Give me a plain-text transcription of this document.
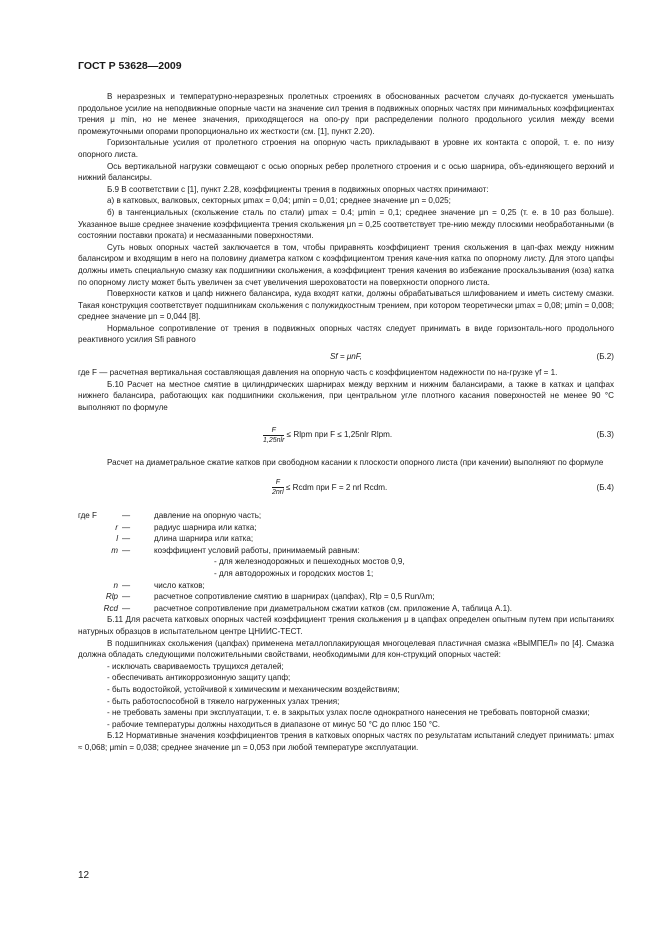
ГОСТ Р 53628—2009

В неразрезных и температурно-неразрезных пролетных строениях в обоснованных расчетом случаях до-пускается уменьшать продольное усилие на неподвижные опорные части на значение сил трения в подвижных опорных частях при минимальных коэффициентах трения μ min, но не менее значения, приходящегося на опо-ру при распределении полного продольного усилия между всеми промежуточными опорами пропорционально их жесткости (см. [1], пункт 2.20).

Горизонтальные усилия от пролетного строения на опорную часть прикладывают в уровне их контакта с опорой, т. е. по низу опорного листа.

Ось вертикальной нагрузки совмещают с осью опорных ребер пролетного строения и с осью шарнира, объ-единяющего верхний и нижний балансиры.

Б.9 В соответствии с [1], пункт 2.28, коэффициенты трения в подвижных опорных частях принимают:

а) в катковых, валковых, секторных μmax = 0,04; μmin = 0,01; среднее значение μn = 0,025;

б) в тангенциальных (скольжение сталь по стали) μmax = 0.4; μmin = 0,1; среднее значение μn = 0,25 (т. е. в 10 раз больше). Указанное выше среднее значение коэффициента трения скольжения μn = 0,25 соответствует тре-нию между плоскими необработанными (в состоянии поставки проката) и несмазанными поверхностями.

Суть новых опорных частей заключается в том, чтобы приравнять коэффициент трения скольжения в цап-фах между нижним балансиром и входящим в него на половину диаметра катком с коэффициентом трения каче-ния катка по опорному листу. Для этого цапфы должны иметь специальную смазку как подшипники скольжения, а коэффициент трения качения во избежание проскальзывания (юза) катка по опорному листу может быть увеличен за счет увеличения шероховатости на поверхности опорного листа.

Поверхности катков и цапф нижнего балансира, куда входят катки, должны обрабатываться шлифованием и иметь систему смазки. Такая конструкция соответствует подшипникам скольжения с полужидкостным трением, при котором теоретически μmax = 0,08; μmin = 0,008; среднее значение μn = 0,044 [8].

Нормальное сопротивление от трения в подвижных опорных частях следует принимать в виде горизонталь-ного продольного реактивного усилия Sfi равного

Sf = μnF,	(Б.2)

где F — расчетная вертикальная составляющая давления на опорную часть с коэффициентом надежности по на-грузке γf = 1.

Б.10 Расчет на местное смятие в цилиндрических шарнирах между верхним и нижним балансирами, а также в катках и цапфах нижнего балансира, работающих как подшипники скольжения, при центральном угле плотного касания поверхностей не менее 90 °С выполняют по формуле

$\frac{F}{\text{1,25nlr}}$ ≤ Rlpm при F ≤ 1,25nlr Rlpm.	(Б.3)

Расчет на диаметральное сжатие катков при свободном касании к плоскости опорного листа (при качении) выполняют по формуле

$\frac{F}{\text{2nrl}}$ ≤ Rcdm при F = 2 nrl Rcdm.	(Б.4)
где F	—	давление на опорную часть;
r —	радиус шарнира или катка;
l —	длина шарнира или катка;
m —	коэффициент условий работы, принимаемый равным:
- для железнодорожных и пешеходных мостов 0,9,
- для автодорожных и городских мостов 1;
n —	число катков;
Rlp —	расчетное сопротивление смятию в шарнирах (цапфах), Rlp = 0,5 Run/λm;
Rcd —	расчетное сопротивление при диаметральном сжатии катков (см. приложение А, таблица А.1).

Б.11 Для расчета катковых опорных частей коэффициент трения скольжения μ в цапфах определен опытным путем при испытаниях натурных образцов в испытательном центре ЦНИИС-ТЕСТ.

В подшипниках скольжения (цапфах) применена металлоплакирующая многоцелевая пластичная смазка «ВЫМПЕЛ» по [4]. Смазка должна обладать следующими положительными свойствами, необходимыми для кон-струкций опорных частей:

- исключать свариваемость трущихся деталей;

- обеспечивать антикоррозионную защиту цапф;

- быть водостойкой, устойчивой к химическим и механическим воздействиям;

- быть работоспособной в тяжело нагруженных узлах трения;

- не требовать замены при эксплуатации, т. е. в закрытых узлах после однократного нанесения не требовать повторной смазки;

- рабочие температуры должны находиться в диапазоне от минус 50 °С до плюс 150 °С.

Б.12 Нормативные значения коэффициентов трения в катковых опорных частях по результатам испытаний следует принимать: μmax ≈ 0,068; μmin = 0,038; среднее значение μn = 0,053 при любой температуре эксплуатации.

12
